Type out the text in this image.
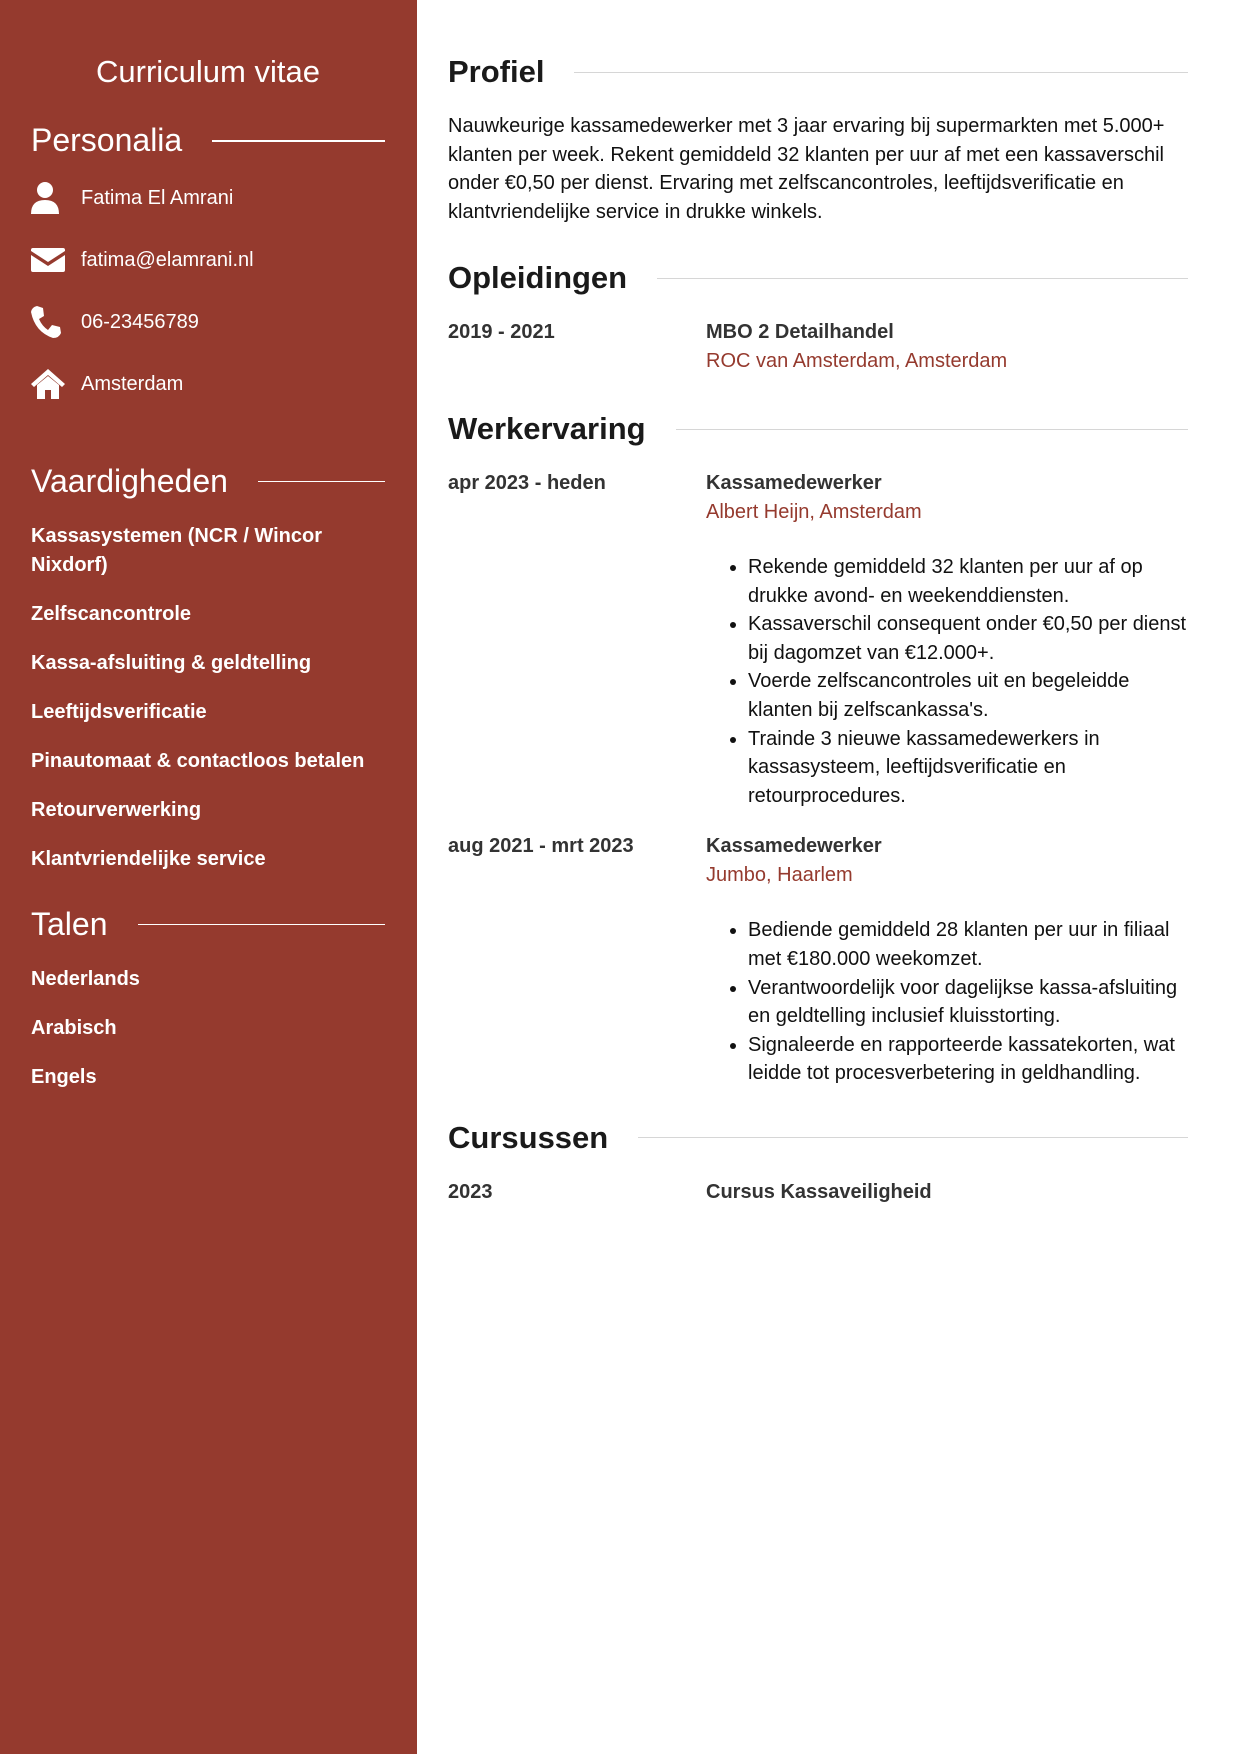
Curriculum vitae
Personalia
Fatima El Amrani
fatima@elamrani.nl
06-23456789
Amsterdam
Vaardigheden
Kassasystemen (NCR / Wincor Nixdorf)
Zelfscancontrole
Kassa-afsluiting & geldtelling
Leeftijdsverificatie
Pinautomaat & contactloos betalen
Retourverwerking
Klantvriendelijke service
Talen
Nederlands
Arabisch
Engels
Profiel

Nauwkeurige kassamedewerker met 3 jaar ervaring bij supermarkten met 5.000+ klanten per week. Rekent gemiddeld 32 klanten per uur af met een kassaverschil onder €0,50 per dienst. Ervaring met zelfscancontroles, leeftijdsverificatie en klantvriendelijke service in drukke winkels.

Opleidingen
2019 - 2021	MBO 2 Detailhandel
ROC van Amsterdam, Amsterdam
Werkervaring
apr 2023 - heden	Kassamedewerker
Albert Heijn, Amsterdam
• Rekende gemiddeld 32 klanten per uur af op drukke avond- en weekenddiensten.
• Kassaverschil consequent onder €0,50 per dienst bij dagomzet van €12.000+.
• Voerde zelfscancontroles uit en begeleidde klanten bij zelfscankassa's.
• Trainde 3 nieuwe kassamedewerkers in kassasysteem, leeftijdsverificatie en retourprocedures.
aug 2021 - mrt 2023	Kassamedewerker
Jumbo, Haarlem
• Bediende gemiddeld 28 klanten per uur in filiaal met €180.000 weekomzet.
• Verantwoordelijk voor dagelijkse kassa-afsluiting en geldtelling inclusief kluisstorting.
• Signaleerde en rapporteerde kassatekorten, wat leidde tot procesverbetering in geldhandling.
Cursussen
2023	Cursus Kassaveiligheid
